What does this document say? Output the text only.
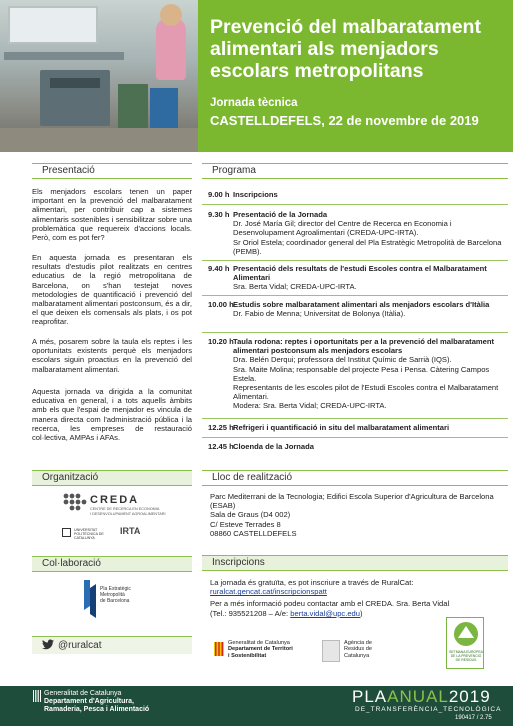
Prevenció del malbaratament alimentari als menjadors escolars metropolitans
Jornada tècnica
CASTELLDEFELS, 22 de novembre de 2019
Presentació
Els menjadors escolars tenen un paper important en la prevenció del malbaratament alimentari, per contribuir cap a sistemes alimentaris sostenibles i sensibilitzar sobre una problemàtica que requereix d'accions locals. Però, com es pot fer?
En aquesta jornada es presentaran els resultats d'estudis pilot realitzats en centres educatius de la regió metropolitana de Barcelona, on s'han testejat noves metodologies de quantificació i prevenció del malbaratament alimentari postconsum, és a dir, el que deixen els comensals als plats, i os pot reaprofitar.
A més, posarem sobre la taula els reptes i les oportunitats existents perquè els menjadors escolars siguin proactius en la prevenció del malbaratament alimentari.
Aquesta jornada va dirigida a la comunitat educativa en general, i a tots aquells àmbits amb els que l'espai de menjador es vincula de manera directa com l'administració pública i la recerca, les empreses de restauració col·lectiva, AMPAs i AFAs.
Organització
CREDA
CENTRE DE RECERCA EN ECONOMIA
I DESENVOLUPAMENT AGROALIMENTARI
UNIVERSITAT POLITÈCNICA DE CATALUNYA
IRTA
Col·laboració
Pla Estratègic
Metropolità
de Barcelona
@ruralcat
Programa
9.00 h Inscripcions
9.30 h Presentació de la Jornada
Dr. José María Gil; director del Centre de Recerca en Economia i Desenvolupament Agroalimentari (CREDA-UPC-IRTA).
Sr Oriol Estela; coordinador general del Pla Estratègic Metropolità de Barcelona (PEMB).
9.40 h Presentació dels resultats de l'estudi Escoles contra el Malbaratament Alimentari
Sra. Berta Vidal; CREDA-UPC-IRTA.
10.00 h Estudis sobre malbaratament alimentari als menjadors escolars d'Itàlia
Dr. Fabio de Menna; Universitat de Bolonya (Itàlia).
10.20 h Taula rodona: reptes i oportunitats per a la prevenció del malbaratament alimentari postconsum als menjadors escolars
Dra. Belén Derqui; professora del Institut Químic de Sarrià (IQS).
Sra. Maite Molina; responsable del projecte Pesa i Pensa. Càtering Campos Estela.
Representants de les escoles pilot de l'Estudi Escoles contra el Malbaratament Alimentari.
Modera: Sra. Berta Vidal; CREDA-UPC-IRTA.
12.25 h Refrigeri i quantificació in situ del malbaratament alimentari
12.45 h Cloenda de la Jornada
Lloc de realització
Parc Mediterrani de la Tecnologia; Edifici Escola Superior d'Agricultura de Barcelona (ESAB)
Sala de Graus (D4 002)
C/ Esteve Terrades 8
08860 CASTELLDEFELS
Inscripcions
La jornada és gratuïta, es pot inscriure a través de RuralCat:
ruralcat.gencat.cat/inscripcionspatt
Per a més informació podeu contactar amb el CREDA. Sra. Berta Vidal
(Tel.: 935521208 – A/e: berta.vidal@upc.edu)
Generalitat de Catalunya
Departament de Territori
i Sostenibilitat
Agència de
Residus de
Catalunya
SETMANA EUROPEA
DE LA PREVENCIÓ
DE RESIDUS
Generalitat de Catalunya
Departament d'Agricultura,
Ramaderia, Pesca i Alimentació
PLAANUAL2019
DE_TRANSFERÈNCIA_TECNOLÒGICA
190417 / 2.75
